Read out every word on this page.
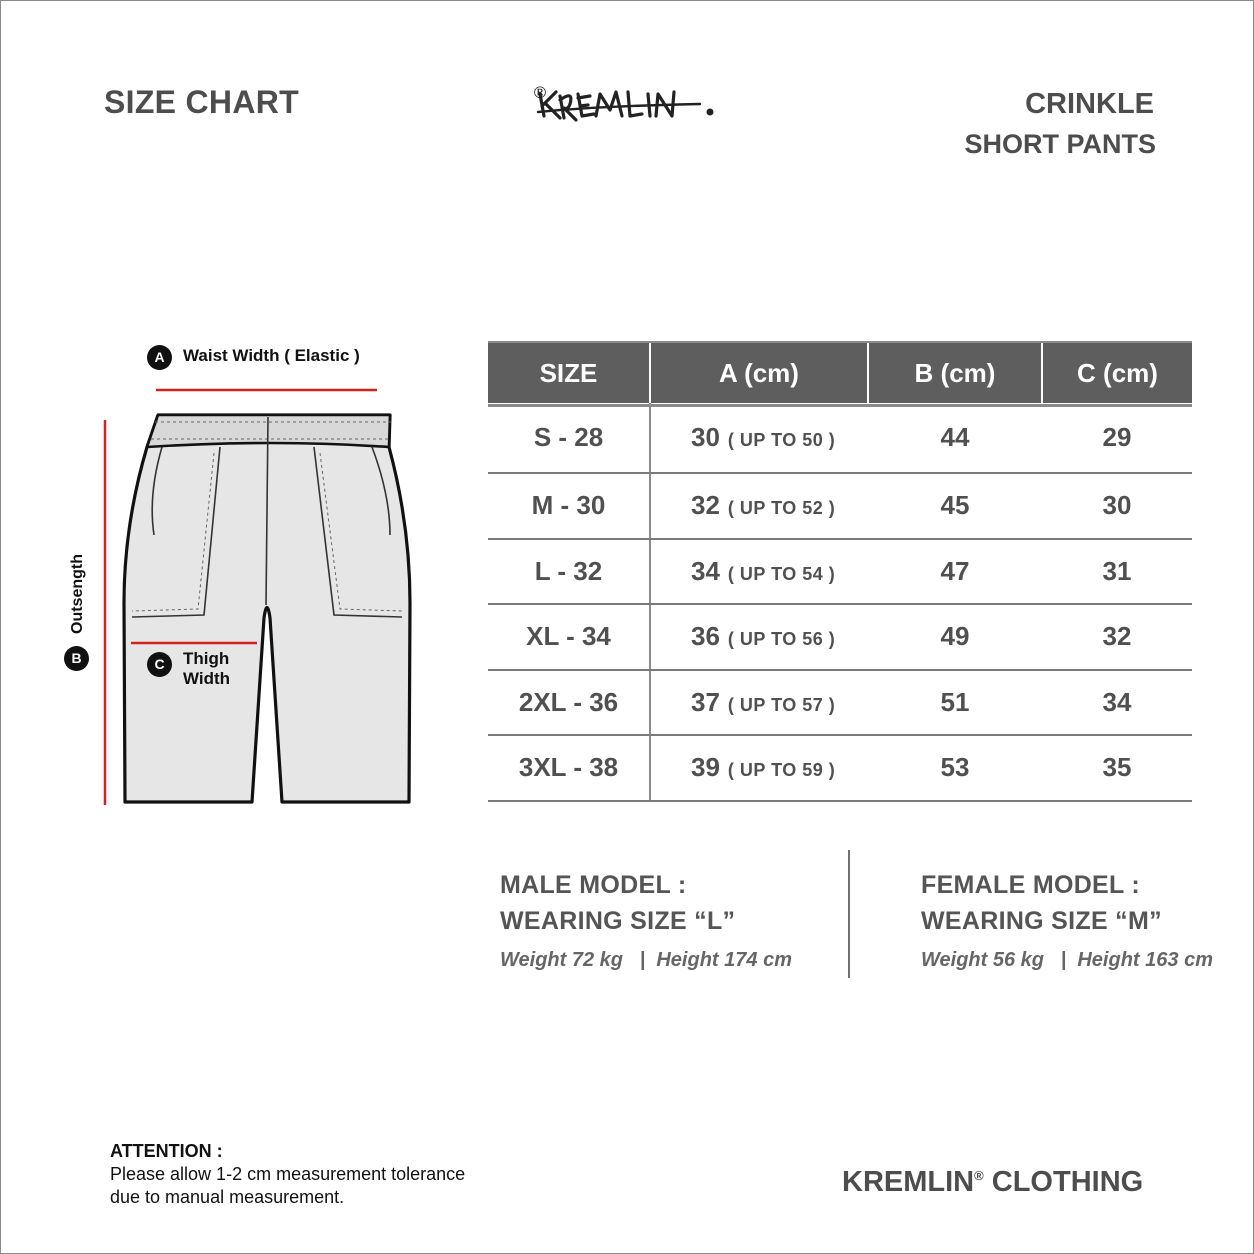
SIZE CHART	®	CRINKLE
SHORT PANTS
A	Waist Width ( Elastic )
B
Outsength
C	Thigh
Width
SIZE	A (cm)	B (cm)	C (cm)
S - 28	30 ( UP TO 50 )	44	29
M - 30	32 ( UP TO 52 )	45	30
L - 32	34 ( UP TO 54 )	47	31
XL - 34	36 ( UP TO 56 )	49	32
2XL - 36	37 ( UP TO 57 )	51	34
3XL - 38	39 ( UP TO 59 )	53	35
MALE MODEL :
WEARING SIZE “L”
Weight 72 kg   |  Height 174 cm
FEMALE MODEL :
WEARING SIZE “M”
Weight 56 kg   |  Height 163 cm
ATTENTION :
Please allow 1-2 cm measurement tolerance
due to manual measurement.	KREMLIN® CLOTHING
